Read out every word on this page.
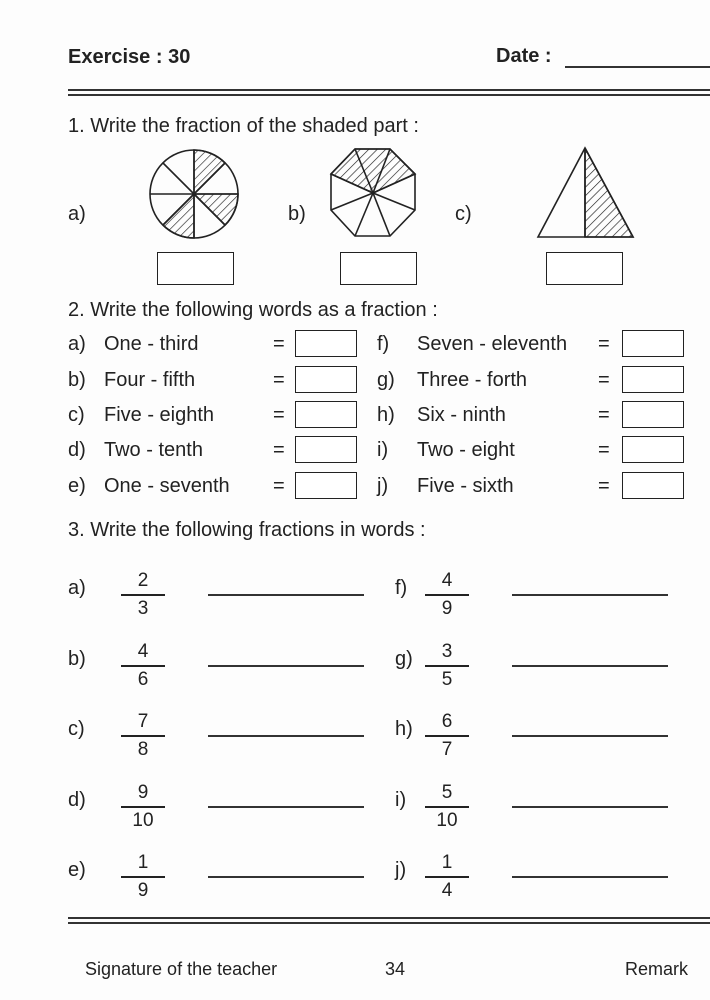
Exercise : 30	Date :
1. Write the fraction of the shaded part :
a)	b)	c)
2. Write the following words as a fraction :
a) One - third	=
b) Four - fifth	=
c) Five - eighth	=
d) Two - tenth	=
e) One - seventh =
f) Seven - eleventh =
g) Three - forth	=
h) Six - ninth	=
i) Two - eight	=
j) Five - sixth	=
3. Write the following fractions in words :
a)	2
3
b)	4
6
c)	7
8
d)	9
10
e)	1
9
f)	4
9
g)	3
5
h)	6
7
i)	5
10
j)	1
4
Signature of the teacher	34	Remark
